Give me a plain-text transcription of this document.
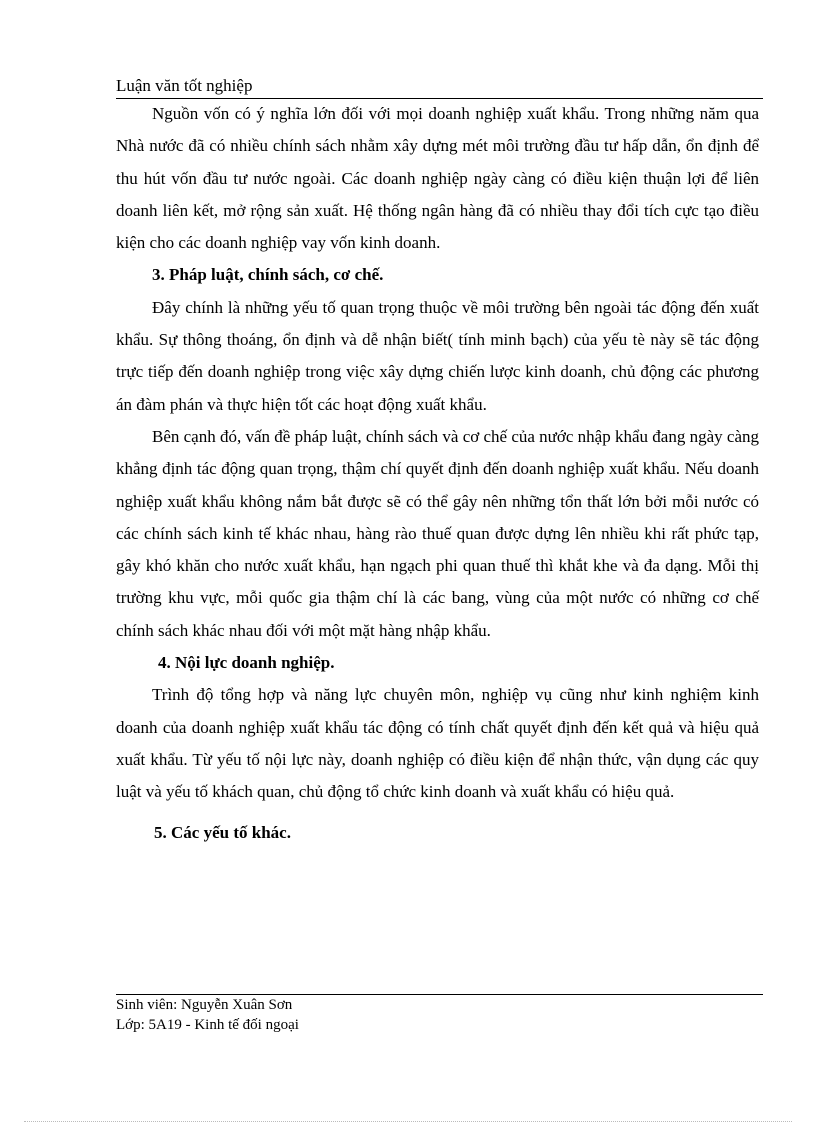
Luận văn tốt nghiệp

Nguồn vốn có ý nghĩa lớn đối với mọi doanh nghiệp xuất khẩu. Trong những năm qua Nhà nước đã có nhiều chính sách nhằm xây dựng mét môi trường đầu tư hấp dẫn, ổn định để thu hút vốn đầu tư nước ngoài. Các doanh nghiệp ngày càng có điều kiện thuận lợi để liên doanh liên kết, mở rộng sản xuất. Hệ thống ngân hàng đã có nhiều thay đổi tích cực tạo điều kiện cho các doanh nghiệp vay vốn kinh doanh.

3. Pháp luật, chính sách, cơ chế.

Đây chính là những yếu tố quan trọng thuộc về môi trường bên ngoài tác động đến xuất khẩu. Sự thông thoáng, ổn định và dễ nhận biết( tính minh bạch) của yếu tè này sẽ tác động trực tiếp đến doanh nghiệp trong việc xây dựng chiến lược kinh doanh, chủ động các phương án đàm phán và thực hiện tốt các hoạt động xuất khẩu.

Bên cạnh đó, vấn đề pháp luật, chính sách và cơ chế của nước nhập khẩu đang ngày càng khẳng định tác động quan trọng, thậm chí quyết định đến doanh nghiệp xuất khẩu. Nếu doanh nghiệp xuất khẩu không nắm bắt được sẽ có thể gây nên những tổn thất lớn bởi mỗi nước có các chính sách kinh tế khác nhau, hàng rào thuế quan được dựng lên nhiều khi rất phức tạp, gây khó khăn cho nước xuất khẩu, hạn ngạch phi quan thuế thì khắt khe và đa dạng. Mỗi thị trường khu vực, mỗi quốc gia thậm chí là các bang, vùng của một nước có những cơ chế chính sách khác nhau đối với một mặt hàng nhập khẩu.

4. Nội lực doanh nghiệp.

Trình độ tổng hợp và năng lực chuyên môn, nghiệp vụ cũng như kinh nghiệm kinh doanh của doanh nghiệp xuất khẩu tác động có tính chất quyết định đến kết quả và hiệu quả xuất khẩu. Từ yếu tố nội lực này, doanh nghiệp có điều kiện để nhận thức, vận dụng các quy luật và yếu tố khách quan, chủ động tổ chức kinh doanh và xuất khẩu có hiệu quả.

5. Các yếu tố khác.

Sinh viên: Nguyễn Xuân Sơn
Lớp: 5A19 - Kinh tế đối ngoại
